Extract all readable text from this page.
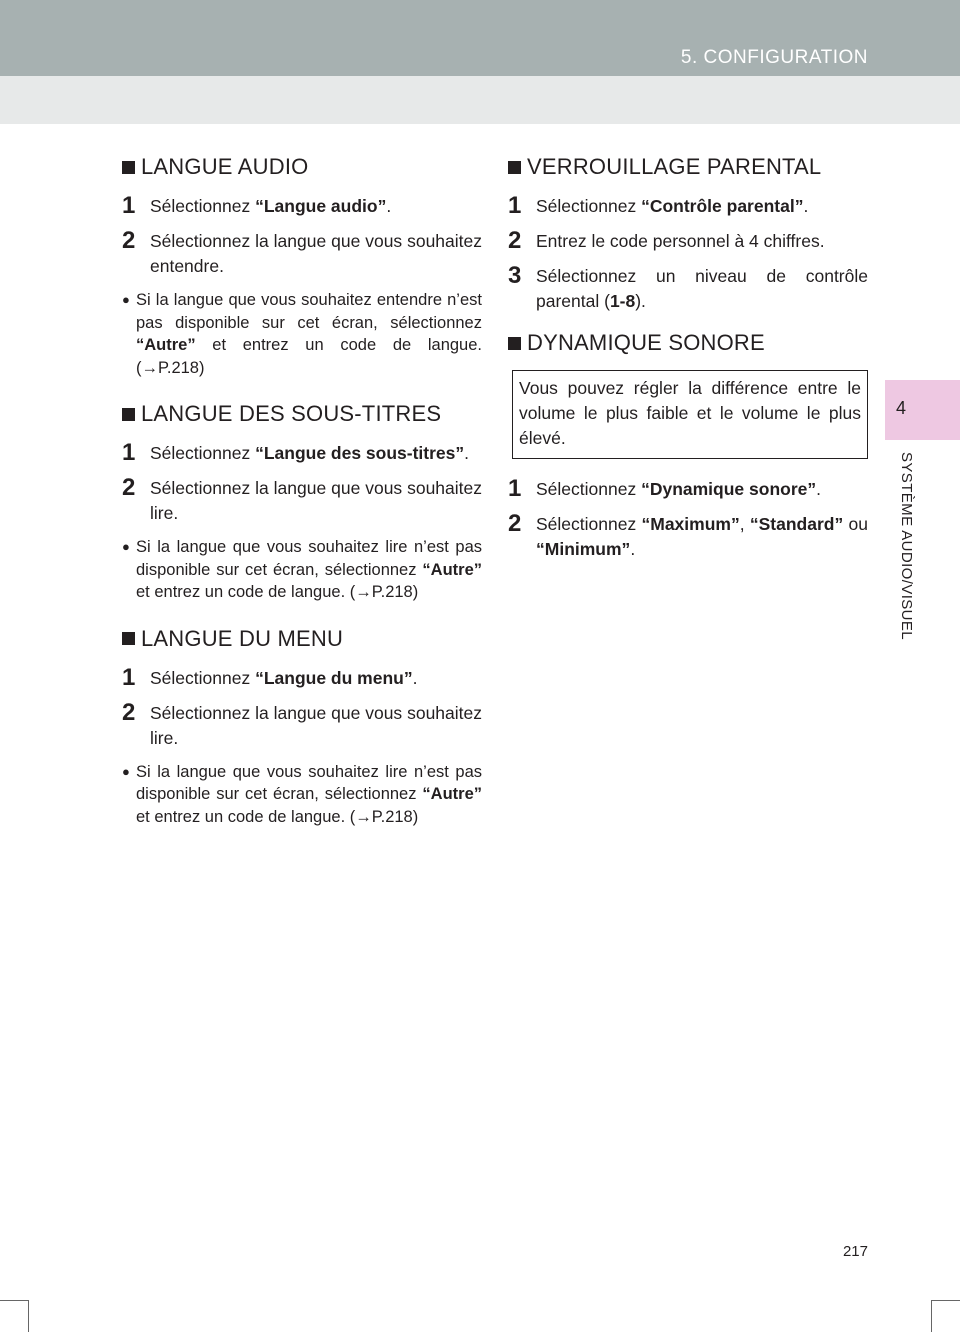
5. CONFIGURATION
4
SYSTÈME AUDIO/VISUEL
LANGUE AUDIO
1 Sélectionnez “Langue audio”.
2 Sélectionnez la langue que vous souhaitez entendre.
● Si la langue que vous souhaitez entendre n’est pas disponible sur cet écran, sélectionnez “Autre” et entrez un code de langue. (→P.218)
LANGUE DES SOUS-TITRES
1 Sélectionnez “Langue des sous-titres”.
2 Sélectionnez la langue que vous souhaitez lire.
● Si la langue que vous souhaitez lire n’est pas disponible sur cet écran, sélectionnez “Autre” et entrez un code de langue. (→P.218)
LANGUE DU MENU
1 Sélectionnez “Langue du menu”.
2 Sélectionnez la langue que vous souhaitez lire.
● Si la langue que vous souhaitez lire n’est pas disponible sur cet écran, sélectionnez “Autre” et entrez un code de langue. (→P.218)
VERROUILLAGE PARENTAL
1 Sélectionnez “Contrôle parental”.
2 Entrez le code personnel à 4 chiffres.
3 Sélectionnez un niveau de contrôle parental (1-8).
DYNAMIQUE SONORE
Vous pouvez régler la différence entre le volume le plus faible et le volume le plus élevé.
1 Sélectionnez “Dynamique sonore”.
2 Sélectionnez “Maximum”, “Standard” ou “Minimum”.
217
